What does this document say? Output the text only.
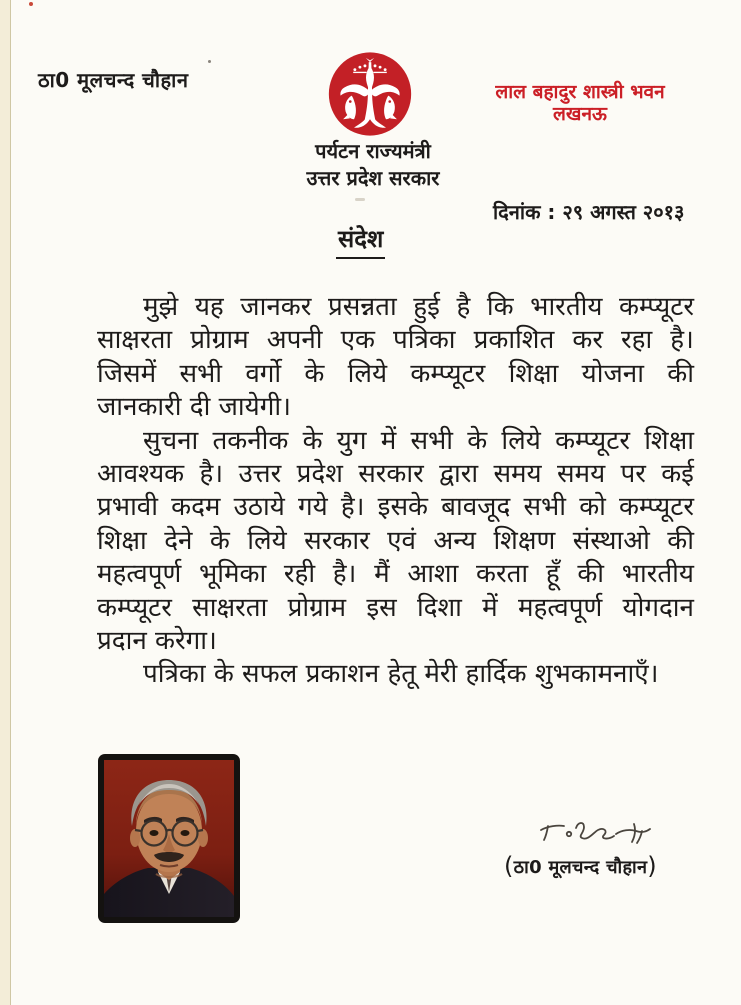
ठा0 मूलचन्द चौहान
पर्यटन राज्यमंत्री
उत्तर प्रदेश सरकार
लाल बहादुर शास्त्री भवन
लखनऊ
दिनांक : २९ अगस्त २०१३
संदेश
मुझे यह जानकर प्रसन्नता हुई है कि भारतीय कम्प्यूटर
साक्षरता प्रोग्राम अपनी एक पत्रिका प्रकाशित कर रहा है।
जिसमें सभी वर्गो के लिये कम्प्यूटर शिक्षा योजना की
जानकारी दी जायेगी।
सुचना तकनीक के युग में सभी के लिये कम्प्यूटर शिक्षा
आवश्यक है। उत्तर प्रदेश सरकार द्वारा समय समय पर कई
प्रभावी कदम उठाये गये है। इसके बावजूद सभी को कम्प्यूटर
शिक्षा देने के लिये सरकार एवं अन्य शिक्षण संस्थाओ की
महत्वपूर्ण भूमिका रही है। मैं आशा करता हूँ की भारतीय
कम्प्यूटर साक्षरता प्रोग्राम इस दिशा में महत्वपूर्ण योगदान
प्रदान करेगा।
पत्रिका के सफल प्रकाशन हेतू मेरी हार्दिक शुभकामनाएँ।
(ठा0 मूलचन्द चौहान)
